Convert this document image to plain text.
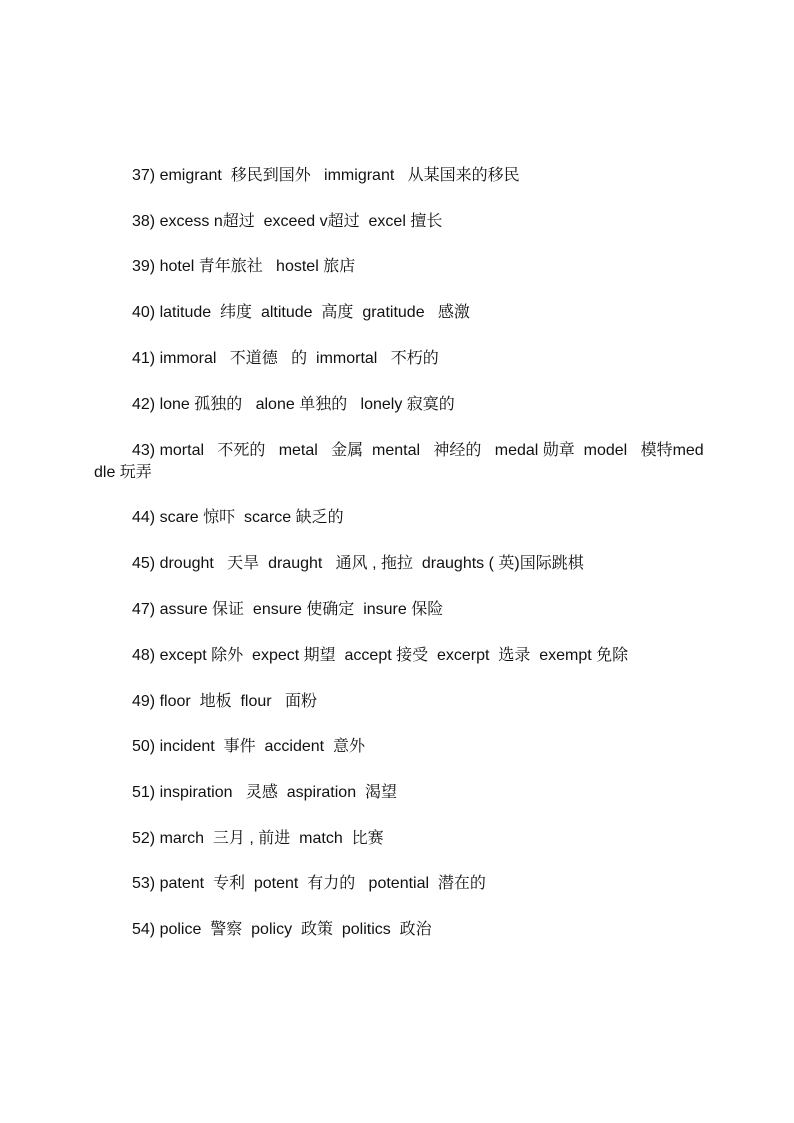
37) emigrant  移民到国外   immigrant   从某国来的移民

38) excess n超过  exceed v超过  excel 擅长

39) hotel 青年旅社   hostel 旅店

40) latitude  纬度  altitude  高度  gratitude   感激

41) immoral   不道德   的  immortal   不朽的

42) lone 孤独的   alone 单独的   lonely 寂寞的

43) mortal   不死的   metal   金属  mental   神经的   medal 勋章  model   模特meddle 玩弄

44) scare 惊吓  scarce 缺乏的

45) drought   天旱  draught   通风 , 拖拉  draughts ( 英)国际跳棋

47) assure 保证  ensure 使确定  insure 保险

48) except 除外  expect 期望  accept 接受  excerpt  选录  exempt 免除

49) floor  地板  flour   面粉

50) incident  事件  accident  意外

51) inspiration   灵感  aspiration  渴望

52) march  三月 , 前进  match  比赛

53) patent  专利  potent  有力的   potential  潜在的

54) police  警察  policy  政策  politics  政治
